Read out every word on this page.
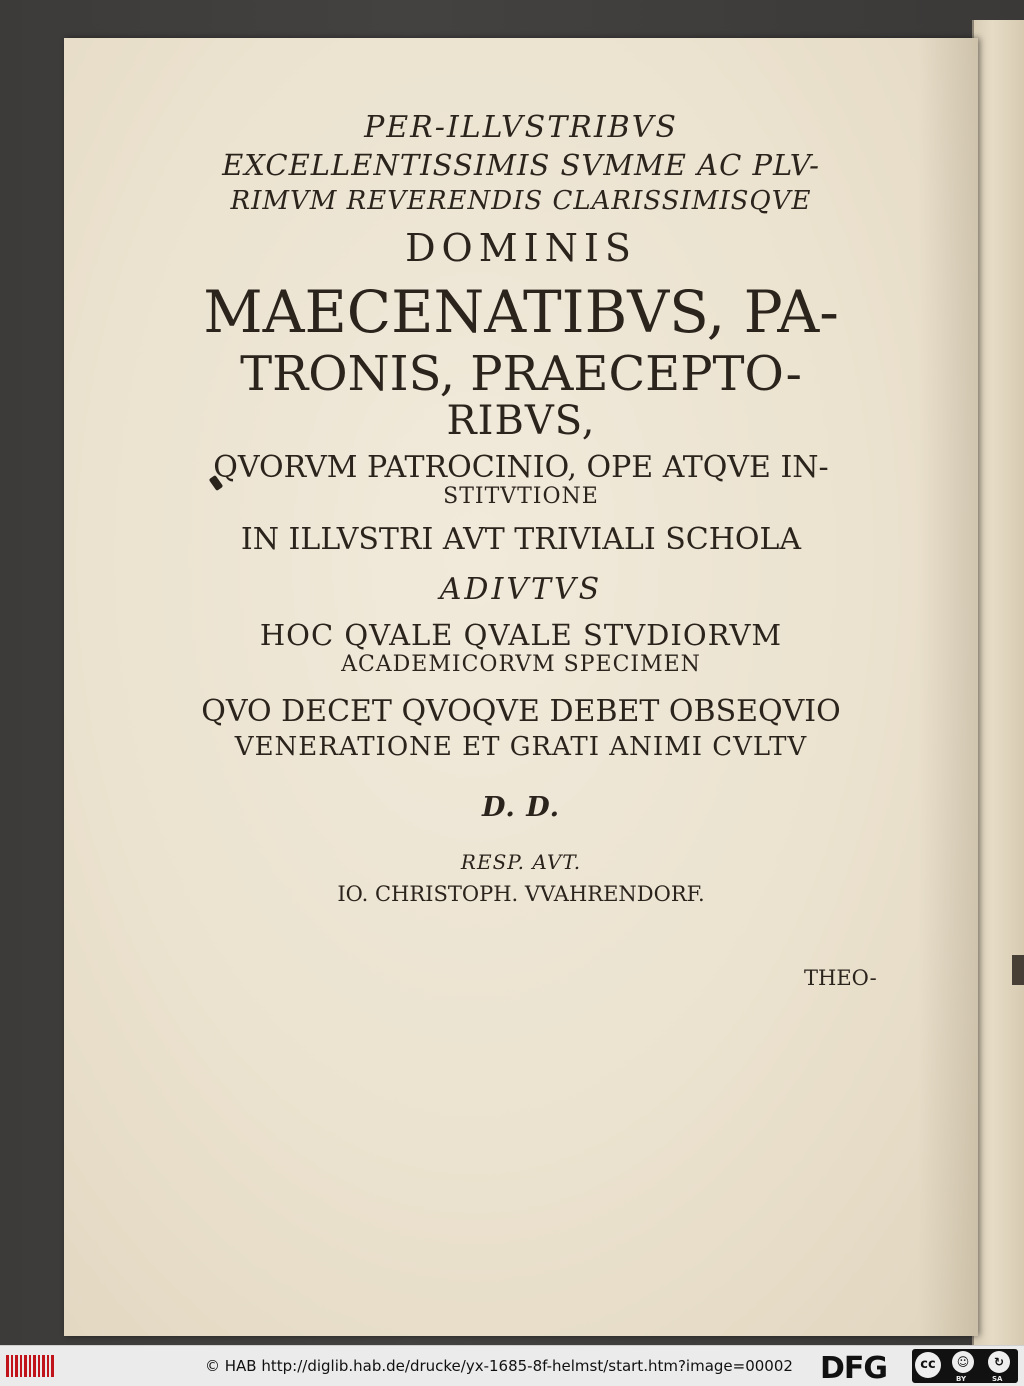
PER-ILLVSTRIBVS
EXCELLENTISSIMIS SVMME AC PLV-
RIMVM REVERENDIS CLARISSIMISQVE
DOMINIS
MAECENATIBVS, PA-
TRONIS, PRAECEPTO-
RIBVS,
QVORVM PATROCINIO, OPE ATQVE IN-
STITVTIONE
IN ILLVSTRI AVT TRIVIALI SCHOLA
ADIVTVS
HOC QVALE QVALE STVDIORVM
ACADEMICORVM SPECIMEN
QVO DECET QVOQVE DEBET OBSEQVIO
VENERATIONE ET GRATI ANIMI CVLTV
D. D.
RESP. AVT.
IO. CHRISTOPH. VVAHRENDORF.
THEO-
© HAB http://diglib.hab.de/drucke/yx-1685-8f-helmst/start.htm?image=00002 DFG	cc	☺	↻
BY	SA
